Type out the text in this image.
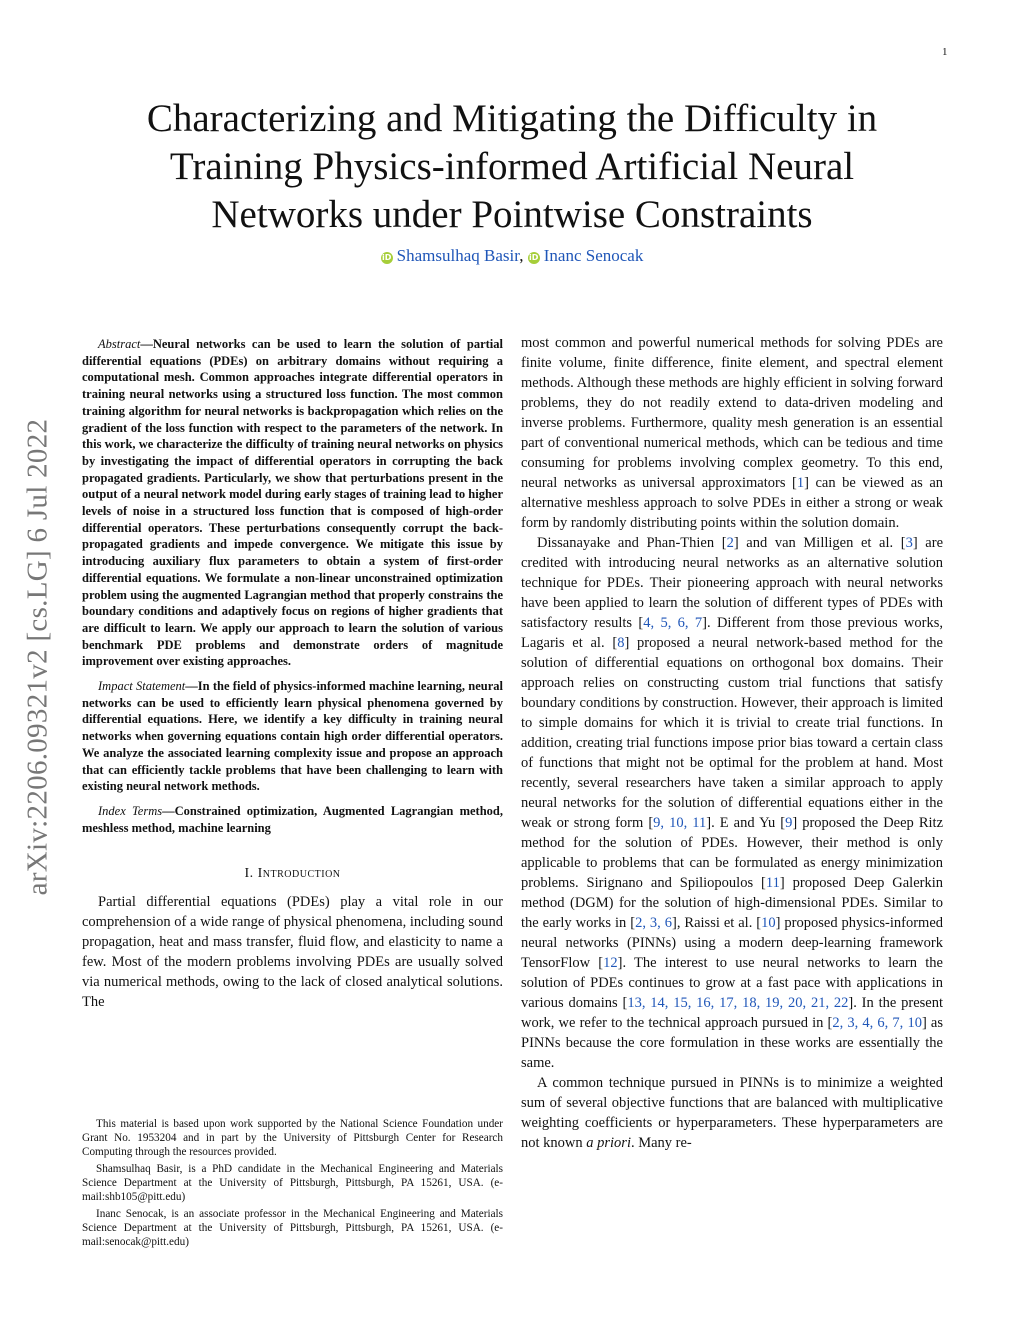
1
arXiv:2206.09321v2 [cs.LG] 6 Jul 2022
Characterizing and Mitigating the Difficulty in
Training Physics-informed Artificial Neural
Networks under Pointwise Constraints
iD Shamsulhaq Basir, iD Inanc Senocak

Abstract—Neural networks can be used to learn the solution of partial differential equations (PDEs) on arbitrary domains without requiring a computational mesh. Common approaches integrate differential operators in training neural networks using a structured loss function. The most common training algorithm for neural networks is backpropagation which relies on the gradient of the loss function with respect to the parameters of the network. In this work, we characterize the difficulty of training neural networks on physics by investigating the impact of differential operators in corrupting the back propagated gradients. Particularly, we show that perturbations present in the output of a neural network model during early stages of training lead to higher levels of noise in a structured loss function that is composed of high-order differential operators. These perturbations consequently corrupt the back-propagated gradients and impede convergence. We mitigate this issue by introducing auxiliary flux parameters to obtain a system of first-order differential equations. We formulate a non-linear unconstrained optimization problem using the augmented Lagrangian method that properly constrains the boundary conditions and adaptively focus on regions of higher gradients that are difficult to learn. We apply our approach to learn the solution of various benchmark PDE problems and demonstrate orders of magnitude improvement over existing approaches.

Impact Statement—In the field of physics-informed machine learning, neural networks can be used to efficiently learn physical phenomena governed by differential equations. Here, we identify a key difficulty in training neural networks when governing equations contain high order differential operators. We analyze the associated learning complexity issue and propose an approach that can efficiently tackle problems that have been challenging to learn with existing neural network methods.

Index Terms—Constrained optimization, Augmented Lagrangian method, meshless method, machine learning

I. Introduction

Partial differential equations (PDEs) play a vital role in our comprehension of a wide range of physical phenomena, including sound propagation, heat and mass transfer, fluid flow, and elasticity to name a few. Most of the modern problems involving PDEs are usually solved via numerical methods, owing to the lack of closed analytical solutions. The

This material is based upon work supported by the National Science Foundation under Grant No. 1953204 and in part by the University of Pittsburgh Center for Research Computing through the resources provided.

Shamsulhaq Basir, is a PhD candidate in the Mechanical Engineering and Materials Science Department at the University of Pittsburgh, Pittsburgh, PA 15261, USA. (e-mail:shb105@pitt.edu)

Inanc Senocak, is an associate professor in the Mechanical Engineering and Materials Science Department at the University of Pittsburgh, Pittsburgh, PA 15261, USA. (e-mail:senocak@pitt.edu)

most common and powerful numerical methods for solving PDEs are finite volume, finite difference, finite element, and spectral element methods. Although these methods are highly efficient in solving forward problems, they do not readily extend to data-driven modeling and inverse problems. Furthermore, quality mesh generation is an essential part of conventional numerical methods, which can be tedious and time consuming for problems involving complex geometry. To this end, neural networks as universal approximators [1] can be viewed as an alternative meshless approach to solve PDEs in either a strong or weak form by randomly distributing points within the solution domain.

Dissanayake and Phan-Thien [2] and van Milligen et al. [3] are credited with introducing neural networks as an alternative solution technique for PDEs. Their pioneering approach with neural networks have been applied to learn the solution of different types of PDEs with satisfactory results [4, 5, 6, 7]. Different from those previous works, Lagaris et al. [8] proposed a neural network-based method for the solution of differential equations on orthogonal box domains. Their approach relies on constructing custom trial functions that satisfy boundary conditions by construction. However, their approach is limited to simple domains for which it is trivial to create trial functions. In addition, creating trial functions impose prior bias toward a certain class of functions that might not be optimal for the problem at hand. Most recently, several researchers have taken a similar approach to apply neural networks for the solution of differential equations either in the weak or strong form [9, 10, 11]. E and Yu [9] proposed the Deep Ritz method for the solution of PDEs. However, their method is only applicable to problems that can be formulated as energy minimization problems. Sirignano and Spiliopoulos [11] proposed Deep Galerkin method (DGM) for the solution of high-dimensional PDEs. Similar to the early works in [2, 3, 6], Raissi et al. [10] proposed physics-informed neural networks (PINNs) using a modern deep-learning framework TensorFlow [12]. The interest to use neural networks to learn the solution of PDEs continues to grow at a fast pace with applications in various domains [13, 14, 15, 16, 17, 18, 19, 20, 21, 22]. In the present work, we refer to the technical approach pursued in [2, 3, 4, 6, 7, 10] as PINNs because the core formulation in these works are essentially the same.

A common technique pursued in PINNs is to minimize a weighted sum of several objective functions that are balanced with multiplicative weighting coefficients or hyperparameters. These hyperparameters are not known a priori. Many re-
